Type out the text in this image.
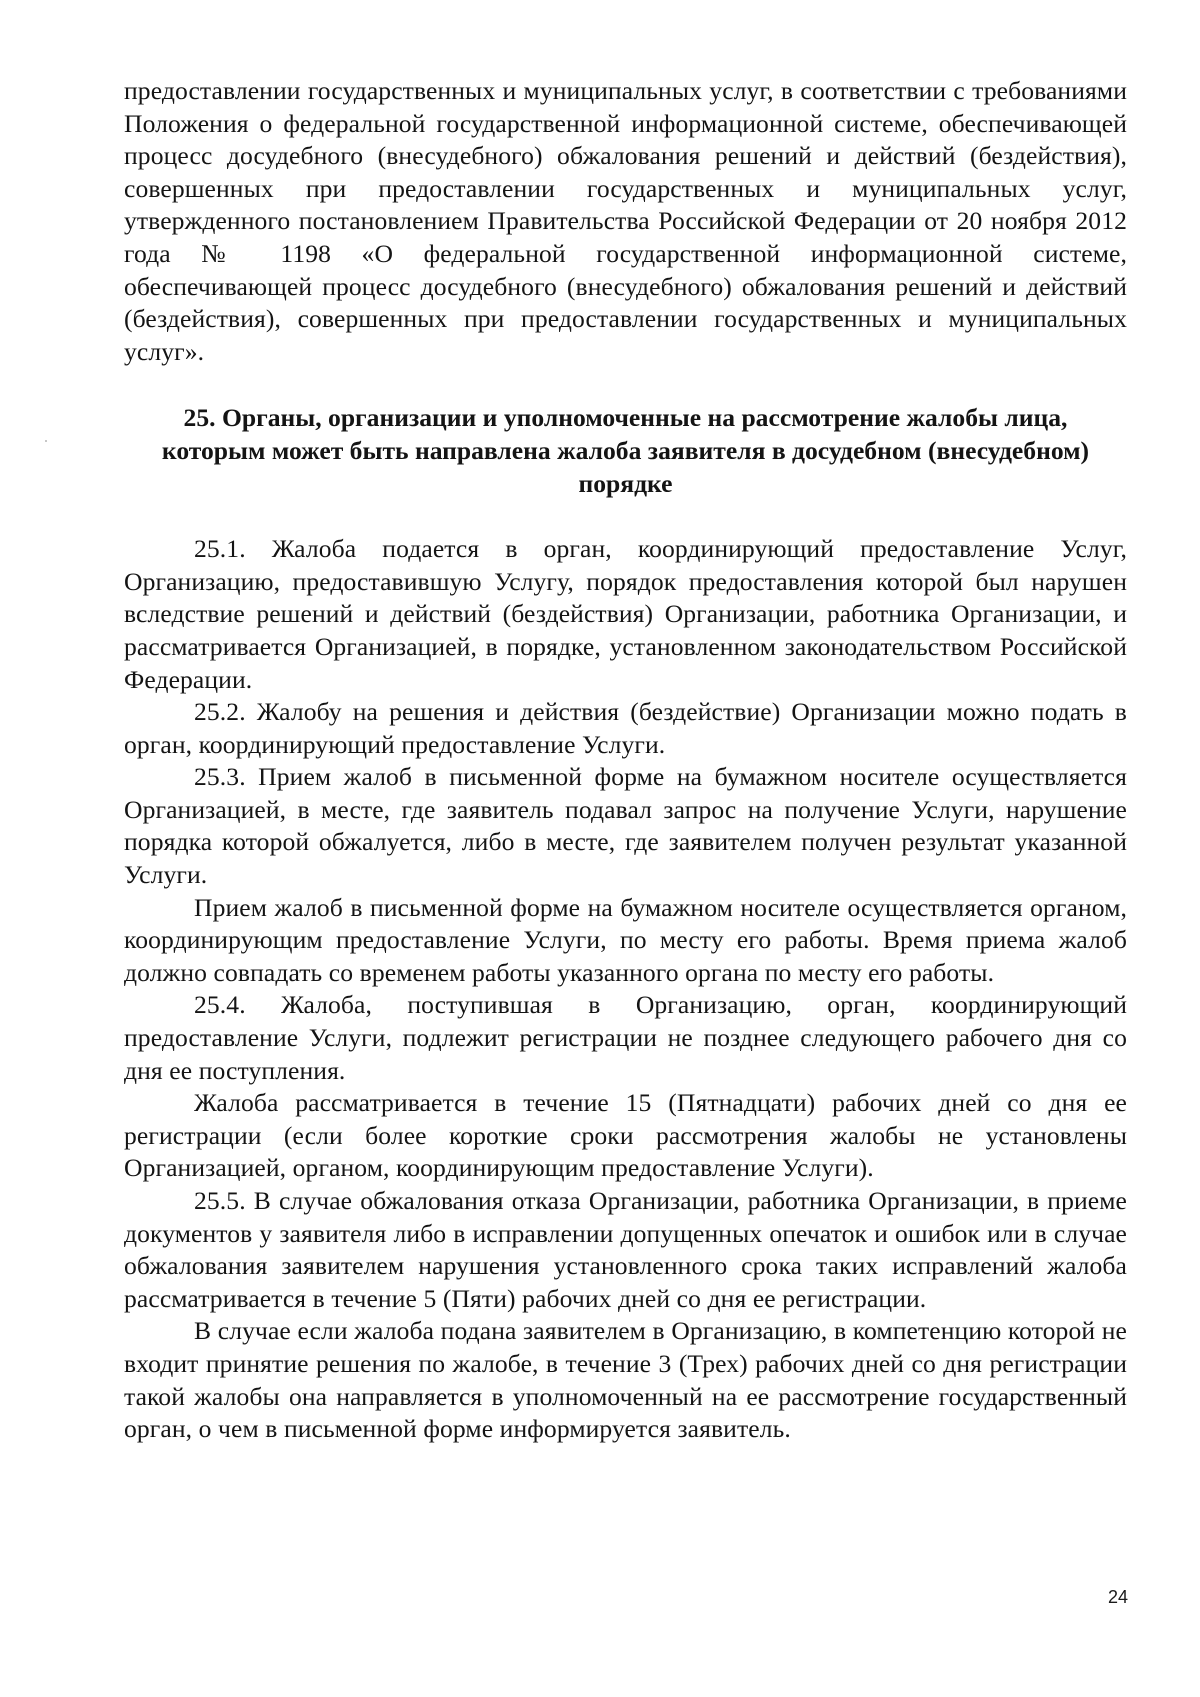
предоставлении государственных и муниципальных услуг, в соответствии с требованиями Положения о федеральной государственной информационной системе, обеспечивающей процесс досудебного (внесудебного) обжалования решений и действий (бездействия), совершенных при предоставлении государственных и муниципальных услуг, утвержденного постановлением Правительства Российской Федерации от 20 ноября 2012 года № 1198 «О федеральной государственной информационной системе, обеспечивающей процесс досудебного (внесудебного) обжалования решений и действий (бездействия), совершенных при предоставлении государственных и муниципальных услуг».

25. Органы, организации и уполномоченные на рассмотрение жалобы лица, которым может быть направлена жалоба заявителя в досудебном (внесудебном) порядке

25.1. Жалоба подается в орган, координирующий предоставление Услуг, Организацию, предоставившую Услугу, порядок предоставления которой был нарушен вследствие решений и действий (бездействия) Организации, работника Организации, и рассматривается Организацией, в порядке, установленном законодательством Российской Федерации.

25.2. Жалобу на решения и действия (бездействие) Организации можно подать в орган, координирующий предоставление Услуги.

25.3. Прием жалоб в письменной форме на бумажном носителе осуществляется Организацией, в месте, где заявитель подавал запрос на получение Услуги, нарушение порядка которой обжалуется, либо в месте, где заявителем получен результат указанной Услуги.

Прием жалоб в письменной форме на бумажном носителе осуществляется органом, координирующим предоставление Услуги, по месту его работы. Время приема жалоб должно совпадать со временем работы указанного органа по месту его работы.

25.4. Жалоба, поступившая в Организацию, орган, координирующий предоставление Услуги, подлежит регистрации не позднее следующего рабочего дня со дня ее поступления.

Жалоба рассматривается в течение 15 (Пятнадцати) рабочих дней со дня ее регистрации (если более короткие сроки рассмотрения жалобы не установлены Организацией, органом, координирующим предоставление Услуги).

25.5. В случае обжалования отказа Организации, работника Организации, в приеме документов у заявителя либо в исправлении допущенных опечаток и ошибок или в случае обжалования заявителем нарушения установленного срока таких исправлений жалоба рассматривается в течение 5 (Пяти) рабочих дней со дня ее регистрации.

В случае если жалоба подана заявителем в Организацию, в компетенцию которой не входит принятие решения по жалобе, в течение 3 (Трех) рабочих дней со дня регистрации такой жалобы она направляется в уполномоченный на ее рассмотрение государственный орган, о чем в письменной форме информируется заявитель.

24
